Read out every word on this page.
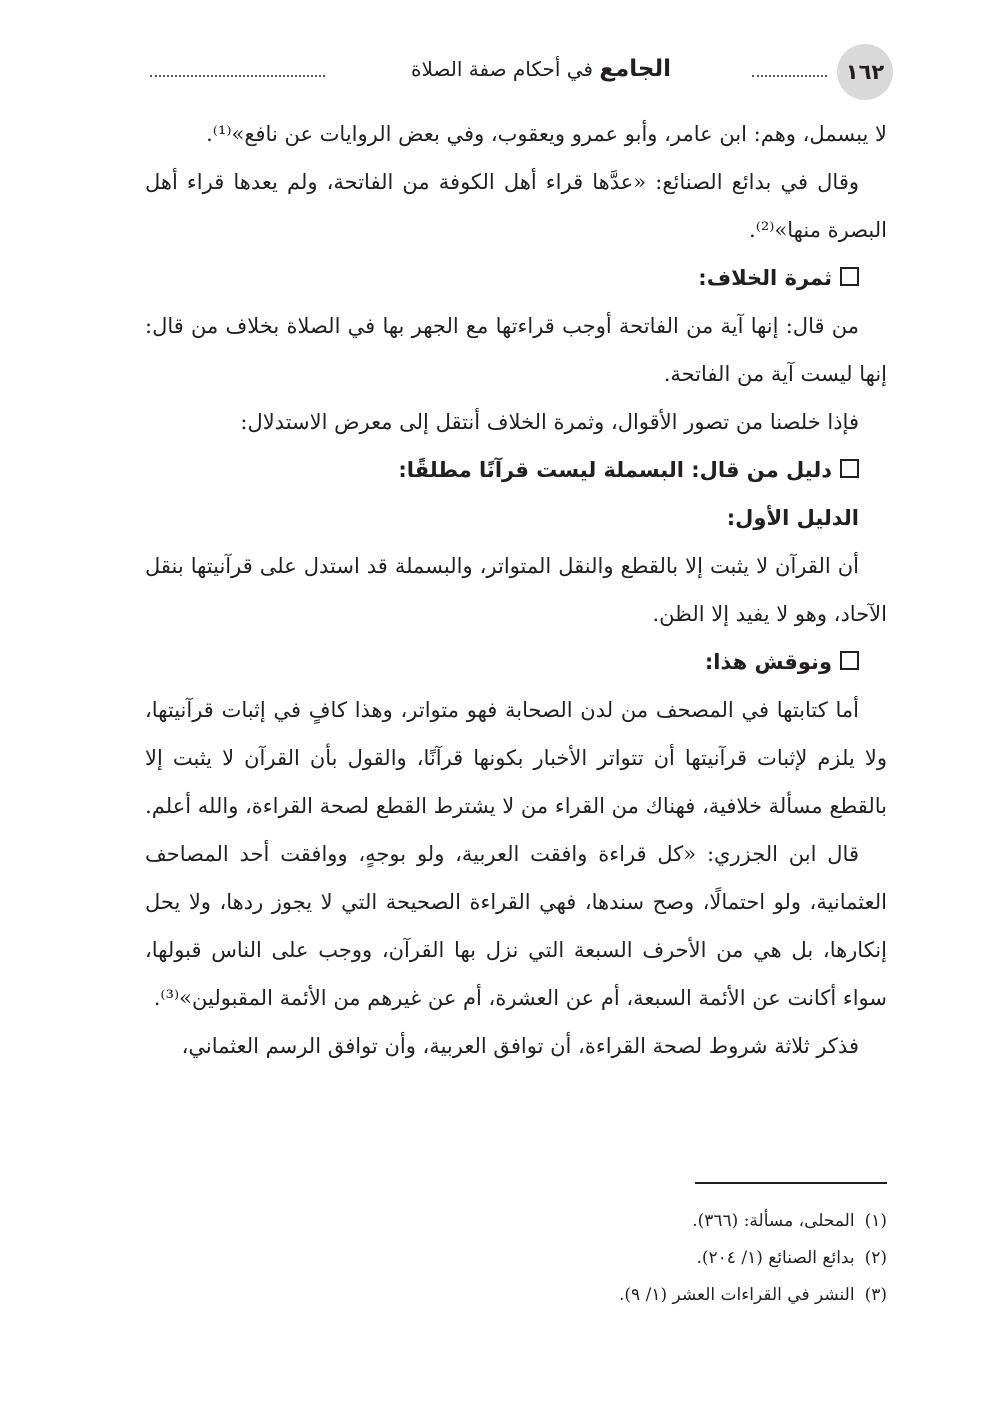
١٦٢
الجامع في أحكام صفة الصلاة

لا يبسمل، وهم: ابن عامر، وأبو عمرو ويعقوب، وفي بعض الروايات عن نافع»⁽¹⁾.

وقال في بدائع الصنائع: «عدَّها قراء أهل الكوفة من الفاتحة، ولم يعدها قراء أهل البصرة منها»⁽²⁾.

ثمرة الخلاف:

من قال: إنها آية من الفاتحة أوجب قراءتها مع الجهر بها في الصلاة بخلاف من قال: إنها ليست آية من الفاتحة.

فإذا خلصنا من تصور الأقوال، وثمرة الخلاف أنتقل إلى معرض الاستدلال:

دليل من قال: البسملة ليست قرآنًا مطلقًا:

الدليل الأول:

أن القرآن لا يثبت إلا بالقطع والنقل المتواتر، والبسملة قد استدل على قرآنيتها بنقل الآحاد، وهو لا يفيد إلا الظن.

ونوقش هذا:

أما كتابتها في المصحف من لدن الصحابة فهو متواتر، وهذا كافٍ في إثبات قرآنيتها، ولا يلزم لإثبات قرآنيتها أن تتواتر الأخبار بكونها قرآنًا، والقول بأن القرآن لا يثبت إلا بالقطع مسألة خلافية، فهناك من القراء من لا يشترط القطع لصحة القراءة، والله أعلم.

قال ابن الجزري: «كل قراءة وافقت العربية، ولو بوجهٍ، ووافقت أحد المصاحف العثمانية، ولو احتمالًا، وصح سندها، فهي القراءة الصحيحة التي لا يجوز ردها، ولا يحل إنكارها، بل هي من الأحرف السبعة التي نزل بها القرآن، ووجب على الناس قبولها، سواء أكانت عن الأئمة السبعة، أم عن العشرة، أم عن غيرهم من الأئمة المقبولين»⁽³⁾.

فذكر ثلاثة شروط لصحة القراءة، أن توافق العربية، وأن توافق الرسم العثماني،

(١)المحلى، مسألة: (٣٦٦).
(٢)بدائع الصنائع (١/ ٢٠٤).
(٣)النشر في القراءات العشر (١/ ٩).
